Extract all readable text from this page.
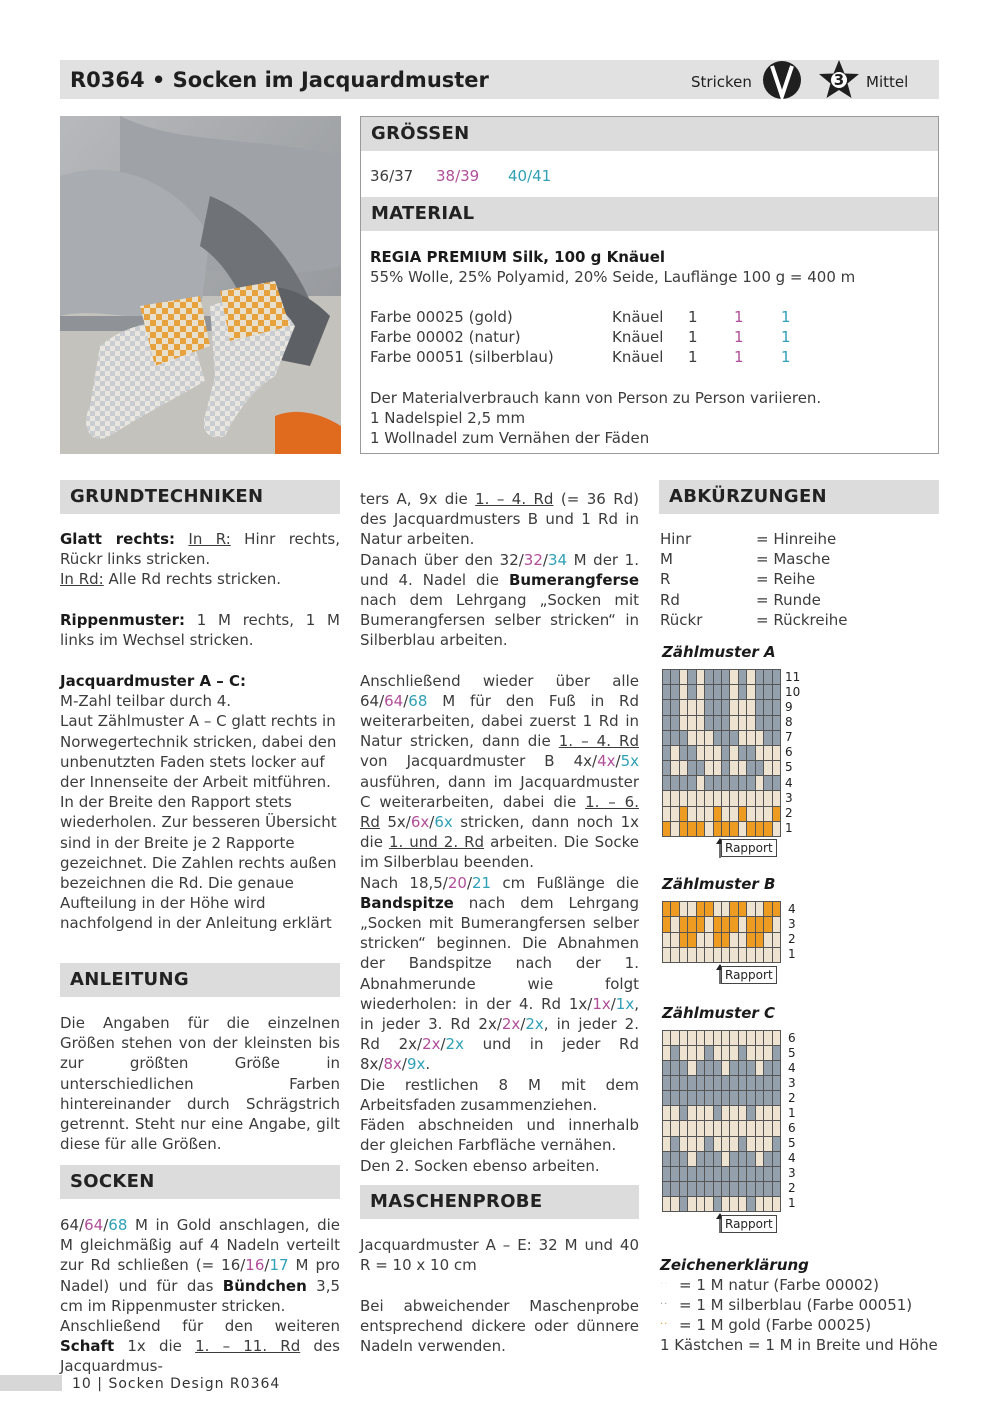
R0364 • Socken im Jacquardmuster	Stricken	3 Mittel
GRÖSSEN
36/37	38/39	40/41
MATERIAL
REGIA PREMIUM Silk, 100 g Knäuel
55% Wolle, 25% Polyamid, 20% Seide, Lauflänge 100 g = 400 m
Farbe 00025 (gold)	Knäuel	1	1	1
Farbe 00002 (natur)	Knäuel	1	1	1
Farbe 00051 (silberblau)	Knäuel	1	1	1
Der Materialverbrauch kann von Person zu Person variieren.
1 Nadelspiel 2,5 mm
1 Wollnadel zum Vernähen der Fäden
GRUNDTECHNIKEN
Glatt rechts: In R: Hinr rechts, Rückr links stricken.
In Rd: Alle Rd rechts stricken.
Rippenmuster: 1 M rechts, 1 M links im Wechsel stricken.
Jacquardmuster A – C:
M-Zahl teilbar durch 4.
Laut Zählmuster A – C glatt rechts in Norwegertechnik stricken, dabei den unbenutzten Faden stets locker auf der Innenseite der Arbeit mitführen. In der Breite den Rapport stets wiederholen. Zur besseren Übersicht sind in der Breite je 2 Rapporte gezeichnet. Die Zahlen rechts außen bezeichnen die Rd. Die genaue Aufteilung in der Höhe wird nachfolgend in der Anleitung erklärt
ANLEITUNG
Die Angaben für die einzelnen Größen stehen von der kleinsten bis zur größten Größe in unterschiedlichen Farben hintereinander durch Schrägstrich getrennt. Steht nur eine Angabe, gilt diese für alle Größen.
SOCKEN
64/64/68 M in Gold anschlagen, die M gleichmäßig auf 4 Nadeln verteilt zur Rd schließen (= 16/16/17 M pro Nadel) und für das Bündchen 3,5 cm im Rippenmuster stricken.
Anschließend für den weiteren Schaft 1x die 1. – 11. Rd des Jacquardmus-
ters A, 9x die 1. – 4. Rd (= 36 Rd) des Jacquardmusters B und 1 Rd in Natur arbeiten.
Danach über den 32/32/34 M der 1. und 4. Nadel die Bumerangferse nach dem Lehrgang „Socken mit Bumerangfersen selber stricken“ in Silberblau arbeiten.
Anschließend wieder über alle 64/64/68 M für den Fuß in Rd weiterarbeiten, dabei zuerst 1 Rd in Natur stricken, dann die 1. – 4. Rd von Jacquardmuster B 4x/4x/5x ausführen, dann im Jacquardmuster C weiterarbeiten, dabei die 1. – 6. Rd 5x/6x/6x stricken, dann noch 1x die 1. und 2. Rd arbeiten. Die Socke im Silberblau beenden.
Nach 18,5/20/21 cm Fußlänge die Bandspitze nach dem Lehrgang „Socken mit Bumerangfersen selber stricken“ beginnen. Die Abnahmen der Bandspitze nach der 1. Abnahmerunde wie folgt wiederholen: in der 4. Rd 1x/1x/1x, in jeder 3. Rd 2x/2x/2x, in jeder 2. Rd 2x/2x/2x und in jeder Rd 8x/8x/9x.
Die restlichen 8 M mit dem Arbeitsfaden zusammenziehen.
Fäden abschneiden und innerhalb der gleichen Farbfläche vernähen.
Den 2. Socken ebenso arbeiten.
MASCHENPROBE
Jacquardmuster A – E: 32 M und 40 R = 10 x 10 cm
Bei abweichender Maschenprobe entsprechend dickere oder dünnere Nadeln verwenden.
ABKÜRZUNGEN
Hinr	= Hinreihe
M	= Masche
R	= Reihe
Rd	= Runde
Rückr	= Rückreihe
Zählmuster A
11
10
9
8
7
6
5
4
3
2
1
Rapport
Zählmuster B
4
3
2
1
Rapport
Zählmuster C
6
5
4
3
2
1
6
5
4
3
2
1
Rapport
Zeichenerklärung
·· = 1 M natur (Farbe 00002)
·· = 1 M silberblau (Farbe 00051)
·· = 1 M gold (Farbe 00025)
1 Kästchen = 1 M in Breite und Höhe
10 | Socken Design R0364
